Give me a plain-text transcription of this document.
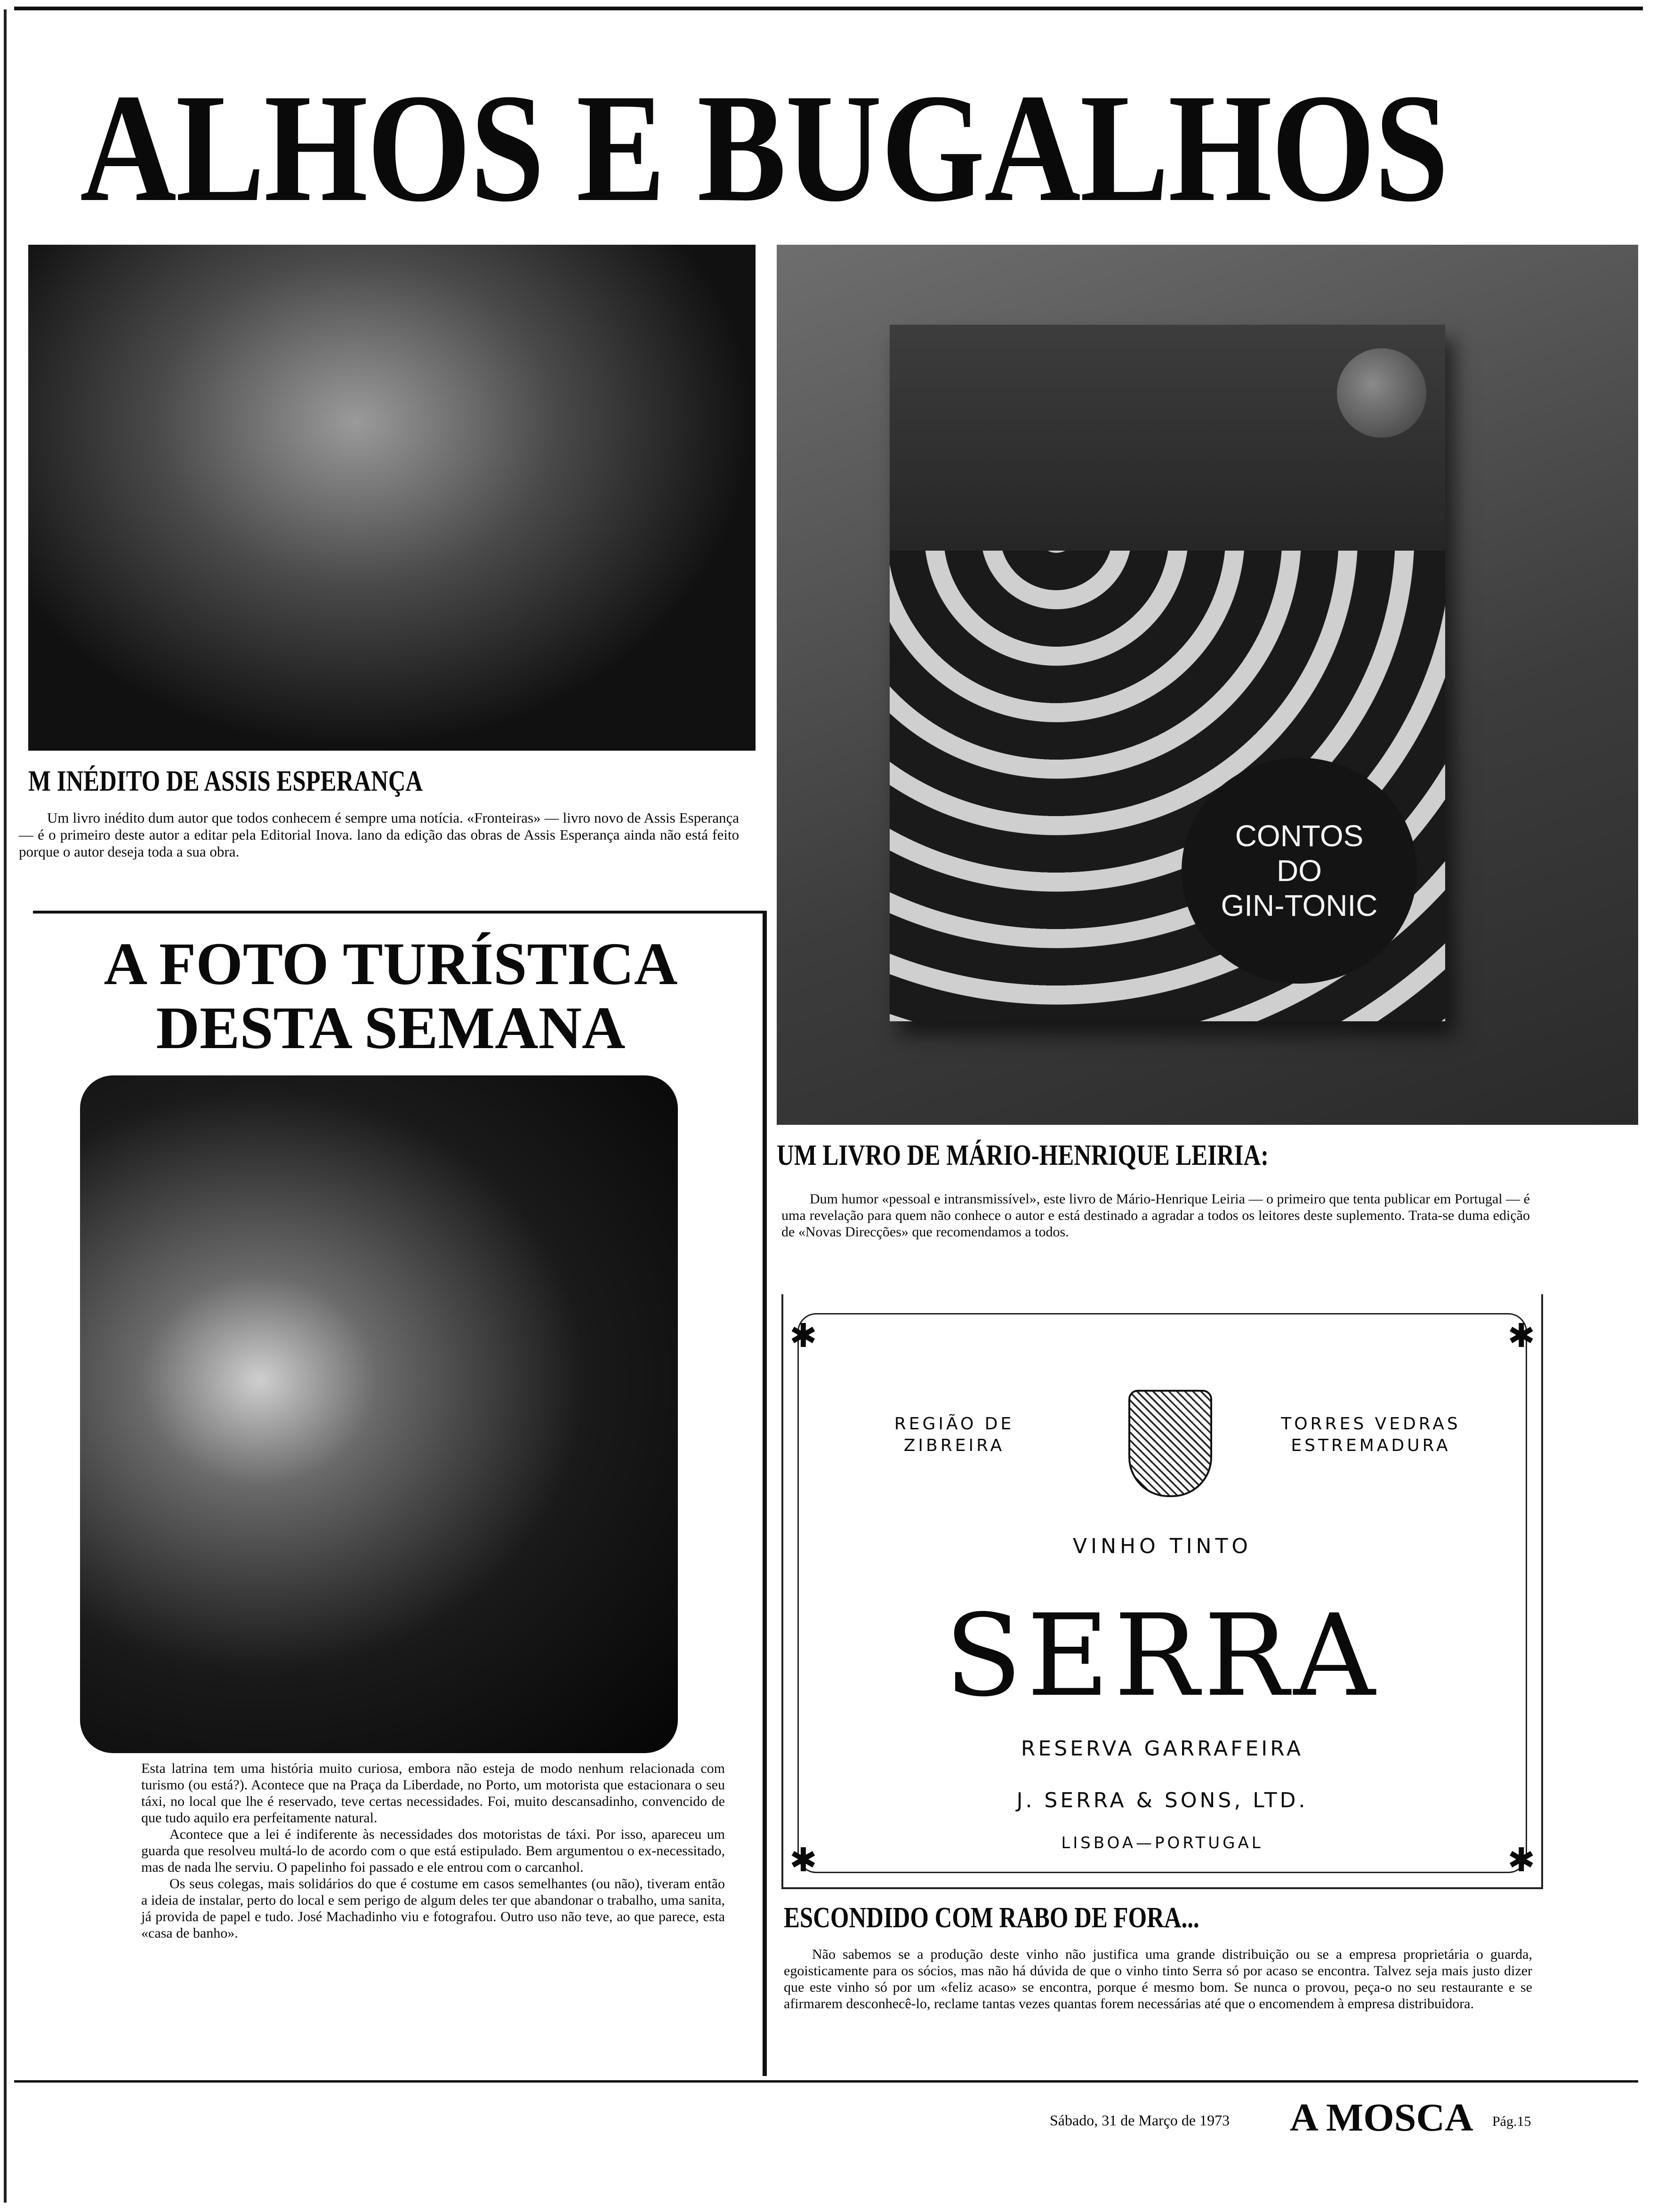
ALHOS E BUGALHOS
M INÉDITO DE ASSIS ESPERANÇA

Um livro inédito dum autor que todos conhecem é sempre uma notícia. «Fronteiras» — livro novo de Assis Esperança — é o primeiro deste autor a editar pela Editorial Inova. lano da edição das obras de Assis Esperança ainda não está feito porque o autor deseja toda a sua obra.	CONTOS
DO
GIN-TONIC
A FOTO TURÍSTICA
DESTA SEMANA

Esta latrina tem uma história muito curiosa, embora não esteja de modo nenhum relacionada com turismo (ou está?). Acontece que na Praça da Liberdade, no Porto, um motorista que estacionara o seu táxi, no local que lhe é reservado, teve certas necessidades. Foi, muito descansadinho, convencido de que tudo aquilo era perfeitamente natural.

Acontece que a lei é indiferente às necessidades dos motoristas de táxi. Por isso, apareceu um guarda que resolveu multá-lo de acordo com o que está estipulado. Bem argumentou o ex-necessitado, mas de nada lhe serviu. O papelinho foi passado e ele entrou com o carcanhol.

Os seus colegas, mais solidários do que é costume em casos semelhantes (ou não), tiveram então a ideia de instalar, perto do local e sem perigo de algum deles ter que abandonar o trabalho, uma sanita, já provida de papel e tudo. José Machadinho viu e fotografou. Outro uso não teve, ao que parece, esta «casa de banho».

UM LIVRO DE MÁRIO-HENRIQUE LEIRIA:

Dum humor «pessoal e intransmissível», este livro de Mário-Henrique Leiria — o primeiro que tenta publicar em Portugal — é uma revelação para quem não conhece o autor e está destinado a agradar a todos os leitores deste suplemento. Trata-se duma edição de «Novas Direcções» que recomendamos a todos.

✱	✱
✱	✱
REGIÃO DE
ZIBREIRA
TORRES VEDRAS
ESTREMADURA
VINHO TINTO
SERRA
RESERVA GARRAFEIRA
J. SERRA & SONS, LTD.
LISBOA—PORTUGAL
ESCONDIDO COM RABO DE FORA...

Não sabemos se a produção deste vinho não justifica uma grande distribuição ou se a empresa proprietária o guarda, egoisticamente para os sócios, mas não há dúvida de que o vinho tinto Serra só por acaso se encontra. Talvez seja mais justo dizer que este vinho só por um «feliz acaso» se encontra, porque é mesmo bom. Se nunca o provou, peça-o no seu restaurante e se afirmarem desconhecê-lo, reclame tantas vezes quantas forem necessárias até que o encomendem à empresa distribuidora.

Sábado, 31 de Março de 1973	A MOSCA Pág.15
